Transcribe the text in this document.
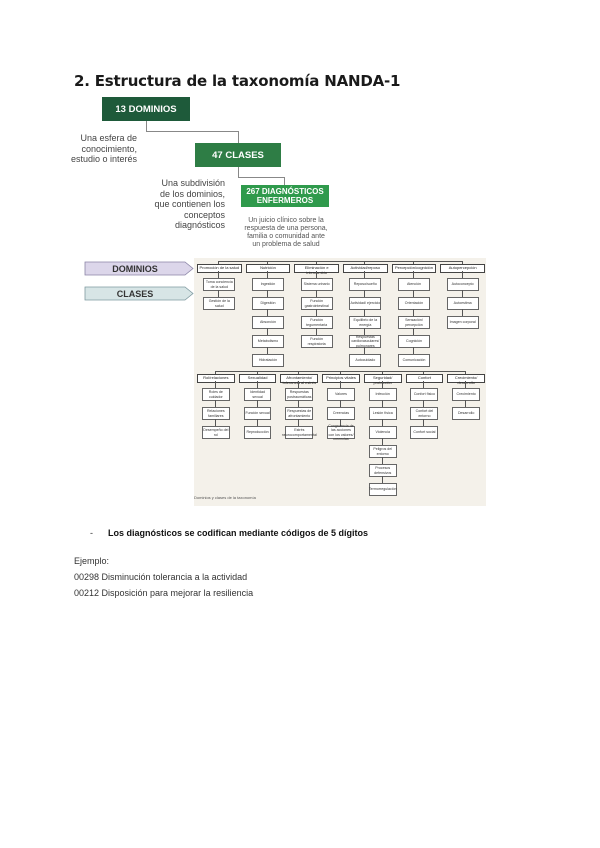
2. Estructura de la taxonomía NANDA-1
13 DOMINIOS
Una esfera de conocimiento, estudio o interés	47 CLASES
Una subdivisión de los dominios, que contienen los conceptos diagnósticos
267 DIAGNÓSTICOS ENFERMEROS
Un juicio clínico sobre la respuesta de una persona, familia o comunidad ante un problema de salud
DOMINIOS
CLASES
Dominios y clases de la taxonomía
Promoción de la salud
Toma conciencia de la salud
Gestión de la salud
Nutrición
Ingestión
Digestión
Absorción
Metabolismo
Hidratación
Eliminación e intercambio
Sistema urinario
Función gastrointestinal
Función tegumentaria
Función respiratoria
Actividad/reposo
Reposo/sueño
Actividad/ ejercicio
Equilibrio de la energía
Respuestas cardiovasculares/ pulmonares
Autocuidado
Percepción/cognición
Atención
Orientación
Sensación/ percepción
Cognición
Comunicación
Autopercepción
Autoconcepto
Autoestima
Imagen corporal
Rol/relaciones
Roles de cuidador
Relaciones familiares
Desempeño del rol
Sexualidad
Identidad sexual
Función sexual
Reproducción
Afrontamiento/ tolerancia al estrés
Respuestas postraumáticas
Respuestas de afrontamiento
Estrés neurocomportamental
Principios vitales
Valores
Creencias
Congruencia de las acciones con los valores/ creencias
Seguridad/ protección
Infección
Lesión física
Violencia
Peligros del entorno
Procesos defensivos
Termorregulación
Confort
Confort físico
Confort del entorno
Confort social
Crecimiento/ desarrollo
Crecimiento
Desarrollo
-	Los diagnósticos se codifican mediante códigos de 5 dígitos
Ejemplo:
00298 Disminución tolerancia a la actividad
00212 Disposición para mejorar la resiliencia
